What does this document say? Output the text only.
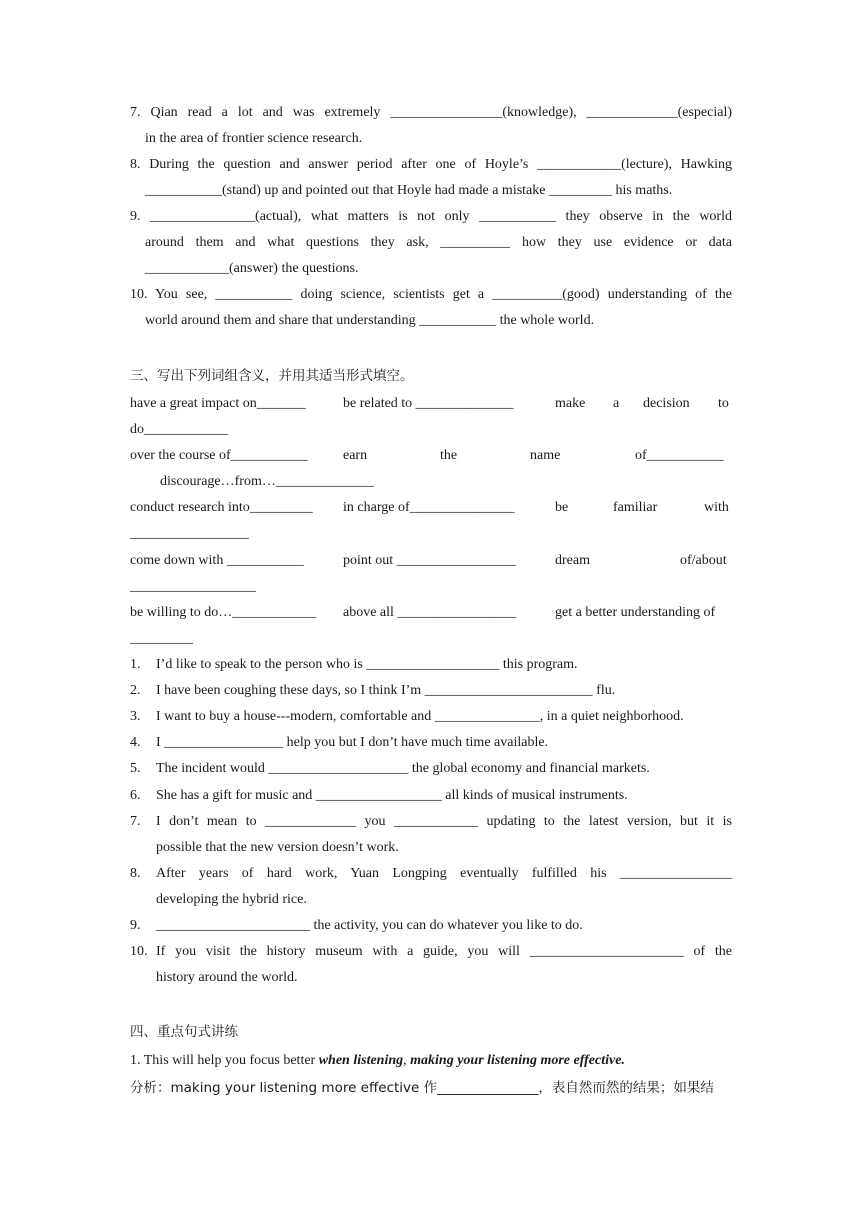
7. Qian read a lot and was extremely ________________(knowledge), _____________(especial)
in the area of frontier science research.
8. During the question and answer period after one of Hoyle’s ____________(lecture), Hawking
___________(stand) up and pointed out that Hoyle had made a mistake _________ his maths.
9. _______________(actual), what matters is not only ___________ they observe in the world
around them and what questions they ask, __________ how they use evidence or data
____________(answer) the questions.
10. You see, ___________ doing science, scientists get a __________(good) understanding of the
world around them and share that understanding ___________ the whole world.
三、写出下列词组含义，并用其适当形式填空。
have a great impact on_______	be related to ______________	make a decision to
do____________
over the course of___________	earn	the	name	of___________
discourage…from…______________
conduct research into_________ in charge of_______________	be	familiar	with
_________________
come down with ___________	point out _________________	dream	of/about
__________________
be willing to do…____________ above all _________________	get a better understanding of
_________
1. I’d like to speak to the person who is ___________________ this program.
2. I have been coughing these days, so I think I’m ________________________ flu.
3. I want to buy a house---modern, comfortable and _______________, in a quiet neighborhood.
4. I _________________ help you but I don’t have much time available.
5. The incident would ____________________ the global economy and financial markets.
6. She has a gift for music and __________________ all kinds of musical instruments.
7. I don’t mean to _____________ you ____________ updating to the latest version, but it is
possible that the new version doesn’t work.
8. After years of hard work, Yuan Longping eventually fulfilled his ________________
developing the hybrid rice.
9. ______________________ the activity, you can do whatever you like to do.
10. If you visit the history museum with a guide, you will ______________________ of the
history around the world.
四、重点句式讲练
1. This will help you focus better when listening, making your listening more effective.
分析：making your listening more effective 作_______________，表自然而然的结果；如果结
